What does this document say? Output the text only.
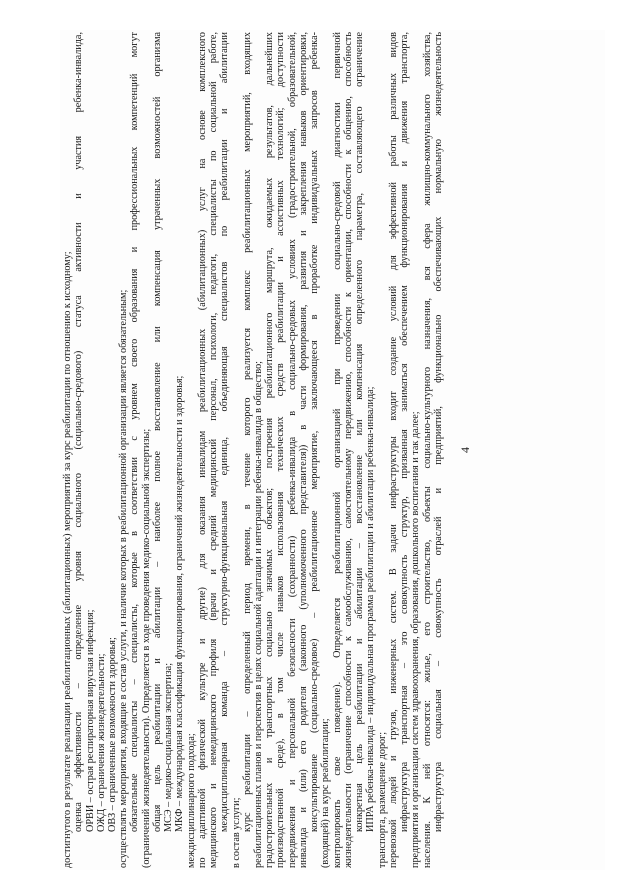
4
инфраструктура социальная – совокупность отраслей и предприятий, функционально обеспечивающих нормальную жизнедеятельность
населения. К ней относятся: жилье, его строительство, объекты социально-культурного назначения, вся сфера жилищно-коммунального хозяйства,
предприятия и организации систем здравоохранения, образования, дошкольного воспитания и так далее;
инфраструктура транспортная – это совокупность структур, призванная заниматься обеспечением функционирования и движения транспорта,
перевозкой людей и грузов, инженерных систем. В задачи инфраструктуры входит создание условий для эффективной работы различных видов
транспорта, размещение дорог;
ИПРА ребенка-инвалида – индивидуальная программа реабилитации и абилитации ребенка-инвалида;
конкретная цель реабилитации и абилитации – восстановление или компенсация определенного параметра, составляющего ограничение
жизнедеятельности (ограничение способности к самообслуживанию, самостоятельному передвижению, способности к ориентации, способности к общению, способность
контролировать свое поведение). Определяется реабилитационной организацией при проведении социально-средовой диагностики первичной
(входящей) на курс реабилитации;
консультирование (социально-средовое) – реабилитационное мероприятие, заключающееся в проработке индивидуальных запросов ребенка-
инвалида и (или) его родителя (законного (уполномоченного представителя)) в части формирования, развития и закрепления навыков ориентировки,
передвижения и персональной безопасности (сохранности) ребенка-инвалида в социально-средовых условиях (градостроительной, образовательной,
производственной среде), в том числе навыков использования технических средств реабилитации и ассистивных технологий; доступности
градостроительных и транспортных социально значимых объектов; построения реабилитационного маршрута, ожидаемых результатов, дальнейших
реабилитационных планов и перспектив в целях социальной адаптации и интеграции ребенка-инвалида в общество;
курс реабилитации – определенный период времени, в течение которого реализуется комплекс реабилитационных мероприятий, входящих
в состав услуги;
междисциплинарная команда – структурно-функциональная единица, объединяющая специалистов по реабилитации и абилитации
медицинского и немедицинского профиля (врачи и средний медицинский персонал, психологи, педагоги, специалисты по социальной работе,
по адаптивной физической культуре и другие) для оказания инвалидам реабилитационных (абилитационных) услуг на основе комплексного
междисциплинарного подхода;
МКФ – международная классификация функционирования, ограничений жизнедеятельности и здоровья;
МСЭ – медико-социальная экспертиза;
общая цель реабилитации и абилитации – наиболее полное восстановление или компенсация утраченных возможностей организма
(ограничений жизнедеятельности). Определяется в ходе проведения медико-социальной экспертизы;
обязательные специалисты – специалисты, которые в соответствии с уровнем своего образования и профессиональных компетенций могут
осуществлять мероприятия, входящие в состав услуги, и наличие которых в реабилитационной организации является обязательным;
ОВЗ – ограниченные возможности здоровья;
ОЖД – ограничения жизнедеятельности;
ОРВИ – острая респираторная вирусная инфекция;
оценка эффективности – определение уровня социального (социально-средового) статуса активности и участия ребенка-инвалида,
достигнутого в результате реализации реабилитационных (абилитационных) мероприятий за курс реабилитации по отношению к исходному;
